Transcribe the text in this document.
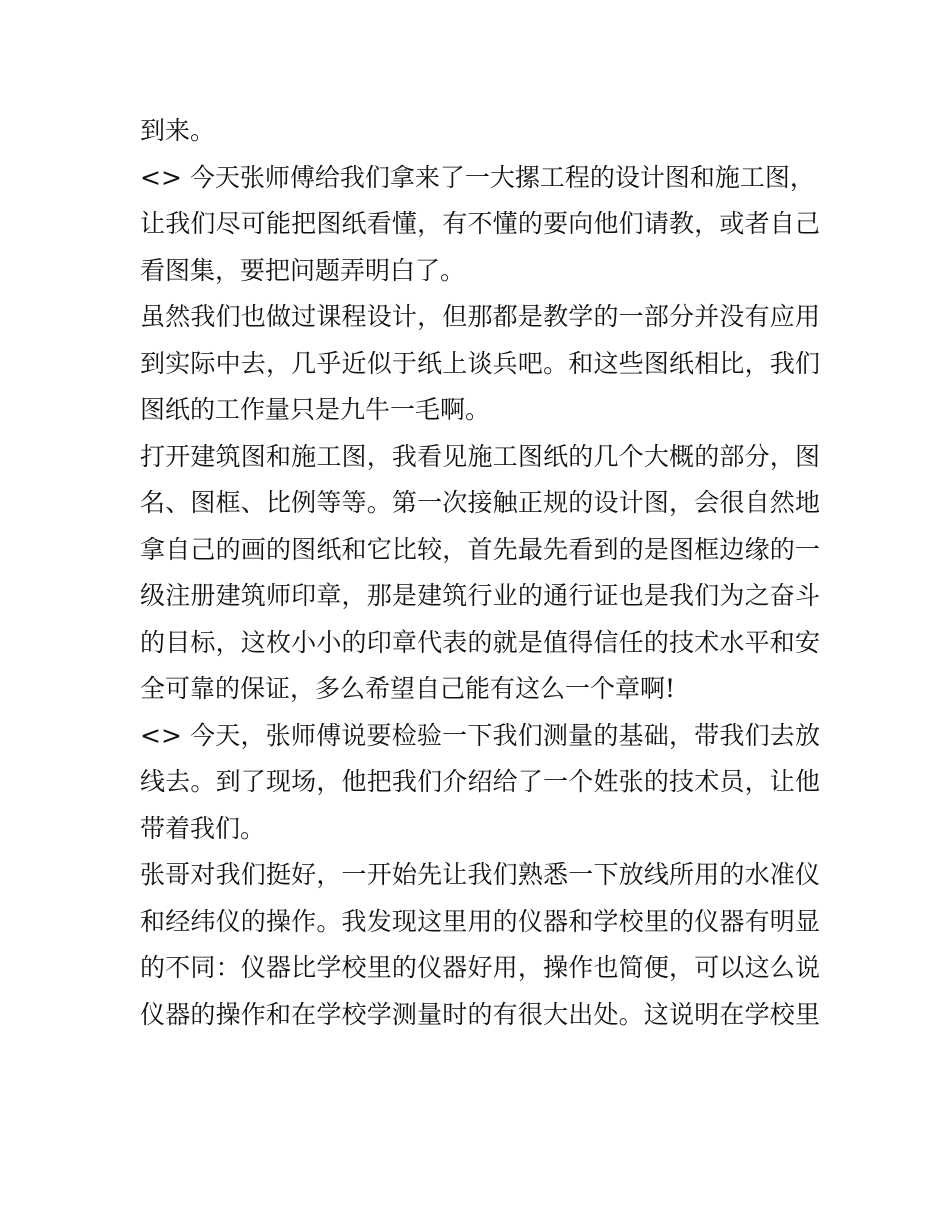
到来。
<> 今天张师傅给我们拿来了一大摞工程的设计图和施工图，
让我们尽可能把图纸看懂，有不懂的要向他们请教，或者自己
看图集，要把问题弄明白了。
虽然我们也做过课程设计，但那都是教学的一部分并没有应用
到实际中去，几乎近似于纸上谈兵吧。和这些图纸相比，我们
图纸的工作量只是九牛一毛啊。
打开建筑图和施工图，我看见施工图纸的几个大概的部分，图
名、图框、比例等等。第一次接触正规的设计图，会很自然地
拿自己的画的图纸和它比较，首先最先看到的是图框边缘的一
级注册建筑师印章，那是建筑行业的通行证也是我们为之奋斗
的目标，这枚小小的印章代表的就是值得信任的技术水平和安
全可靠的保证，多么希望自己能有这么一个章啊!
<> 今天，张师傅说要检验一下我们测量的基础，带我们去放
线去。到了现场，他把我们介绍给了一个姓张的技术员，让他
带着我们。
张哥对我们挺好，一开始先让我们熟悉一下放线所用的水准仪
和经纬仪的操作。我发现这里用的仪器和学校里的仪器有明显
的不同：仪器比学校里的仪器好用，操作也简便，可以这么说
仪器的操作和在学校学测量时的有很大出处。这说明在学校里
